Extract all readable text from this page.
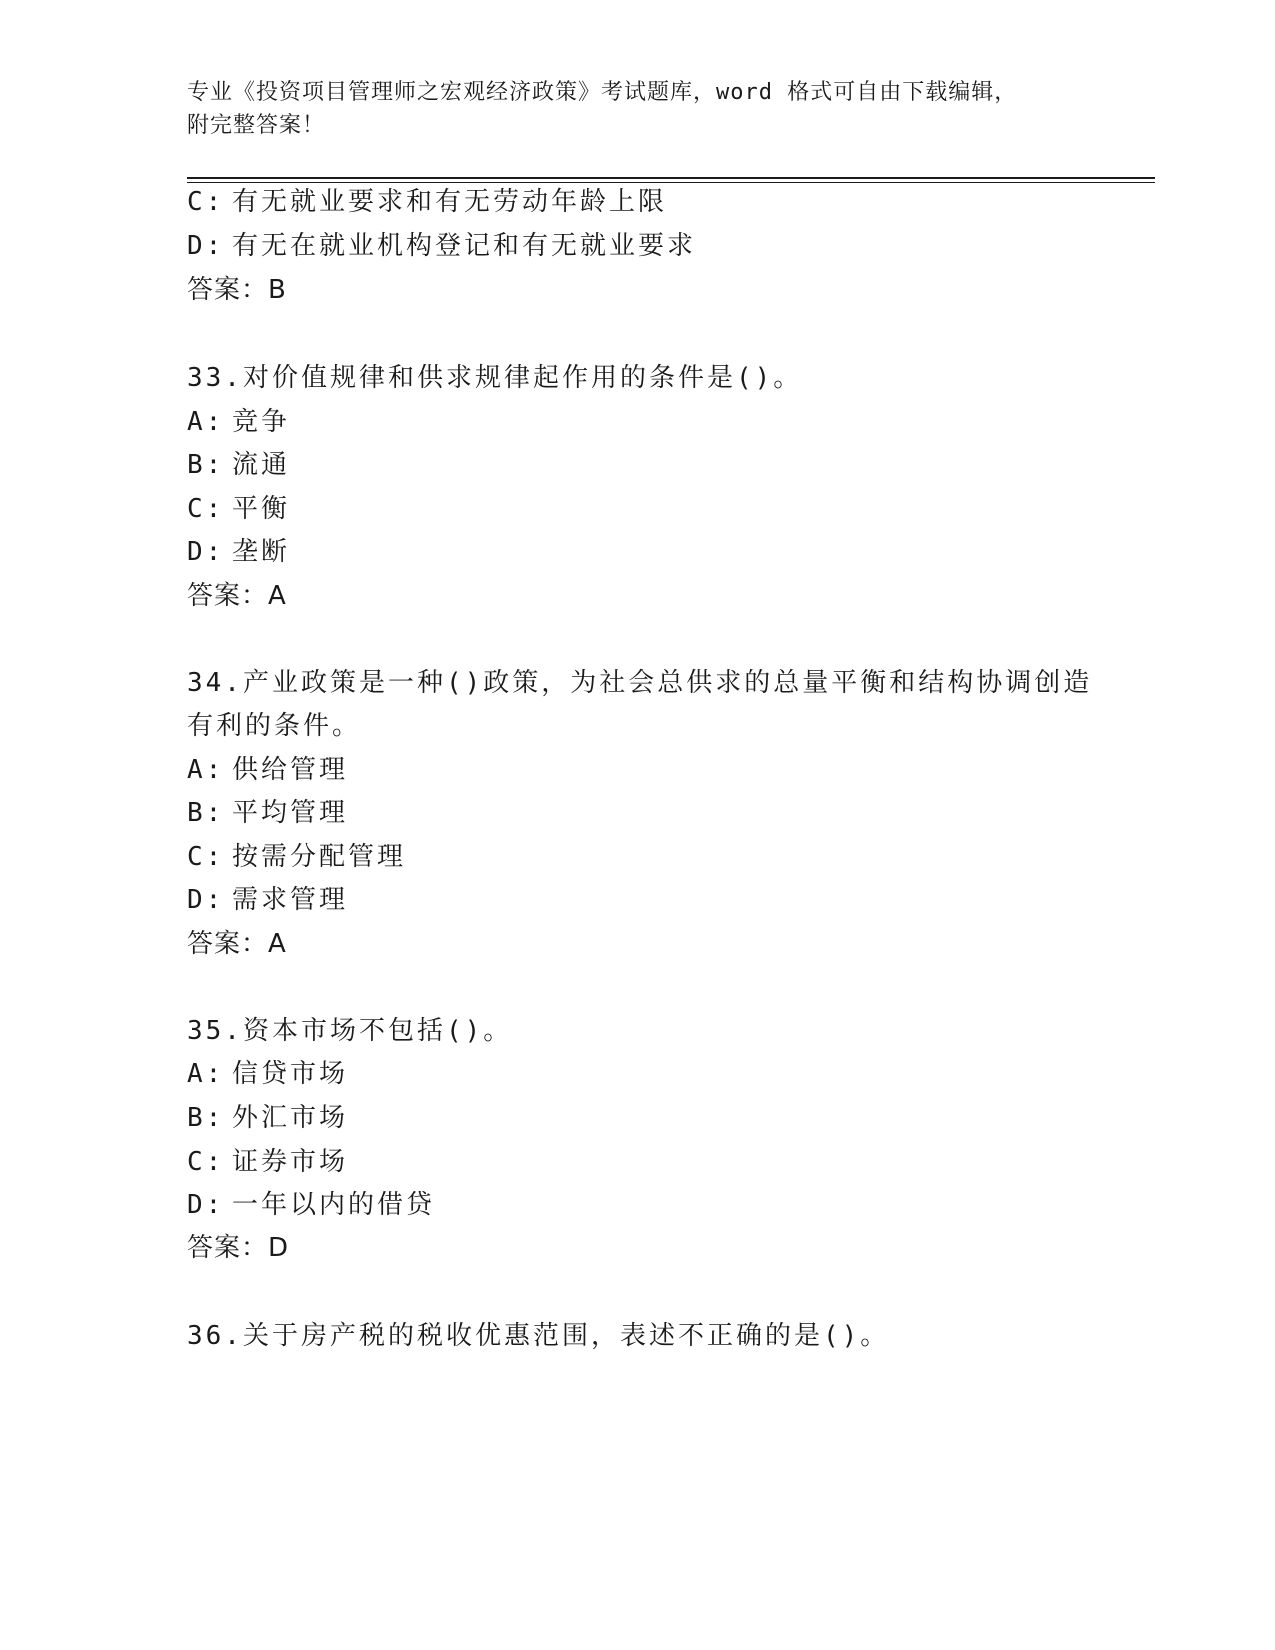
专业《投资项目管理师之宏观经济政策》考试题库，word 格式可自由下载编辑，
附完整答案！
C: 有无就业要求和有无劳动年龄上限
D: 有无在就业机构登记和有无就业要求
答案：B
33.对价值规律和供求规律起作用的条件是()。
A: 竞争
B: 流通
C: 平衡
D: 垄断
答案：A
34.产业政策是一种()政策，为社会总供求的总量平衡和结构协调创造
有利的条件。
A: 供给管理
B: 平均管理
C: 按需分配管理
D: 需求管理
答案：A
35.资本市场不包括()。
A: 信贷市场
B: 外汇市场
C: 证券市场
D: 一年以内的借贷
答案：D
36.关于房产税的税收优惠范围，表述不正确的是()。
